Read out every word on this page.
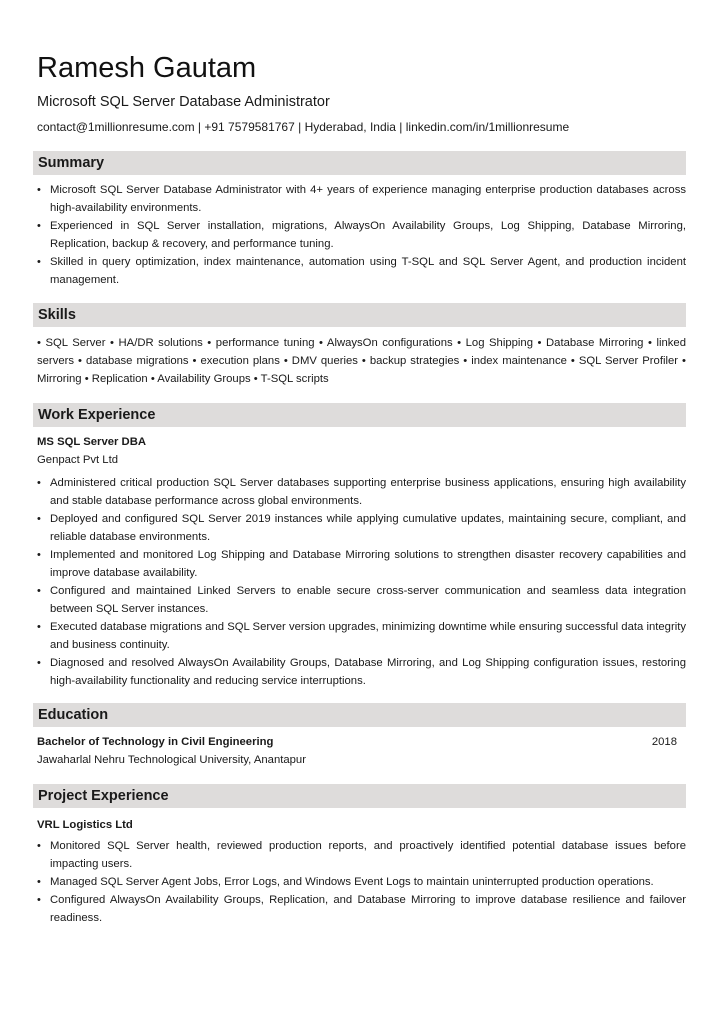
Ramesh Gautam
Microsoft SQL Server Database Administrator
contact@1millionresume.com | +91 7579581767 | Hyderabad, India | linkedin.com/in/1millionresume
Summary
• Microsoft SQL Server Database Administrator with 4+ years of experience managing enterprise production databases across high-availability environments.
• Experienced in SQL Server installation, migrations, AlwaysOn Availability Groups, Log Shipping, Database Mirroring, Replication, backup & recovery, and performance tuning.
• Skilled in query optimization, index maintenance, automation using T-SQL and SQL Server Agent, and production incident management.
Skills

• SQL Server • HA/DR solutions • performance tuning • AlwaysOn configurations • Log Shipping • Database Mirroring • linked servers • database migrations • execution plans • DMV queries • backup strategies • index maintenance • SQL Server Profiler • Mirroring • Replication • Availability Groups • T-SQL scripts

Work Experience
MS SQL Server DBA
Genpact Pvt Ltd
• Administered critical production SQL Server databases supporting enterprise business applications, ensuring high availability and stable database performance across global environments.
• Deployed and configured SQL Server 2019 instances while applying cumulative updates, maintaining secure, compliant, and reliable database environments.
• Implemented and monitored Log Shipping and Database Mirroring solutions to strengthen disaster recovery capabilities and improve database availability.
• Configured and maintained Linked Servers to enable secure cross-server communication and seamless data integration between SQL Server instances.
• Executed database migrations and SQL Server version upgrades, minimizing downtime while ensuring successful data integrity and business continuity.
• Diagnosed and resolved AlwaysOn Availability Groups, Database Mirroring, and Log Shipping configuration issues, restoring high-availability functionality and reducing service interruptions.
Education
Bachelor of Technology in Civil Engineering	2018
Jawaharlal Nehru Technological University, Anantapur
Project Experience
VRL Logistics Ltd
• Monitored SQL Server health, reviewed production reports, and proactively identified potential database issues before impacting users.
• Managed SQL Server Agent Jobs, Error Logs, and Windows Event Logs to maintain uninterrupted production operations.
• Configured AlwaysOn Availability Groups, Replication, and Database Mirroring to improve database resilience and failover readiness.
